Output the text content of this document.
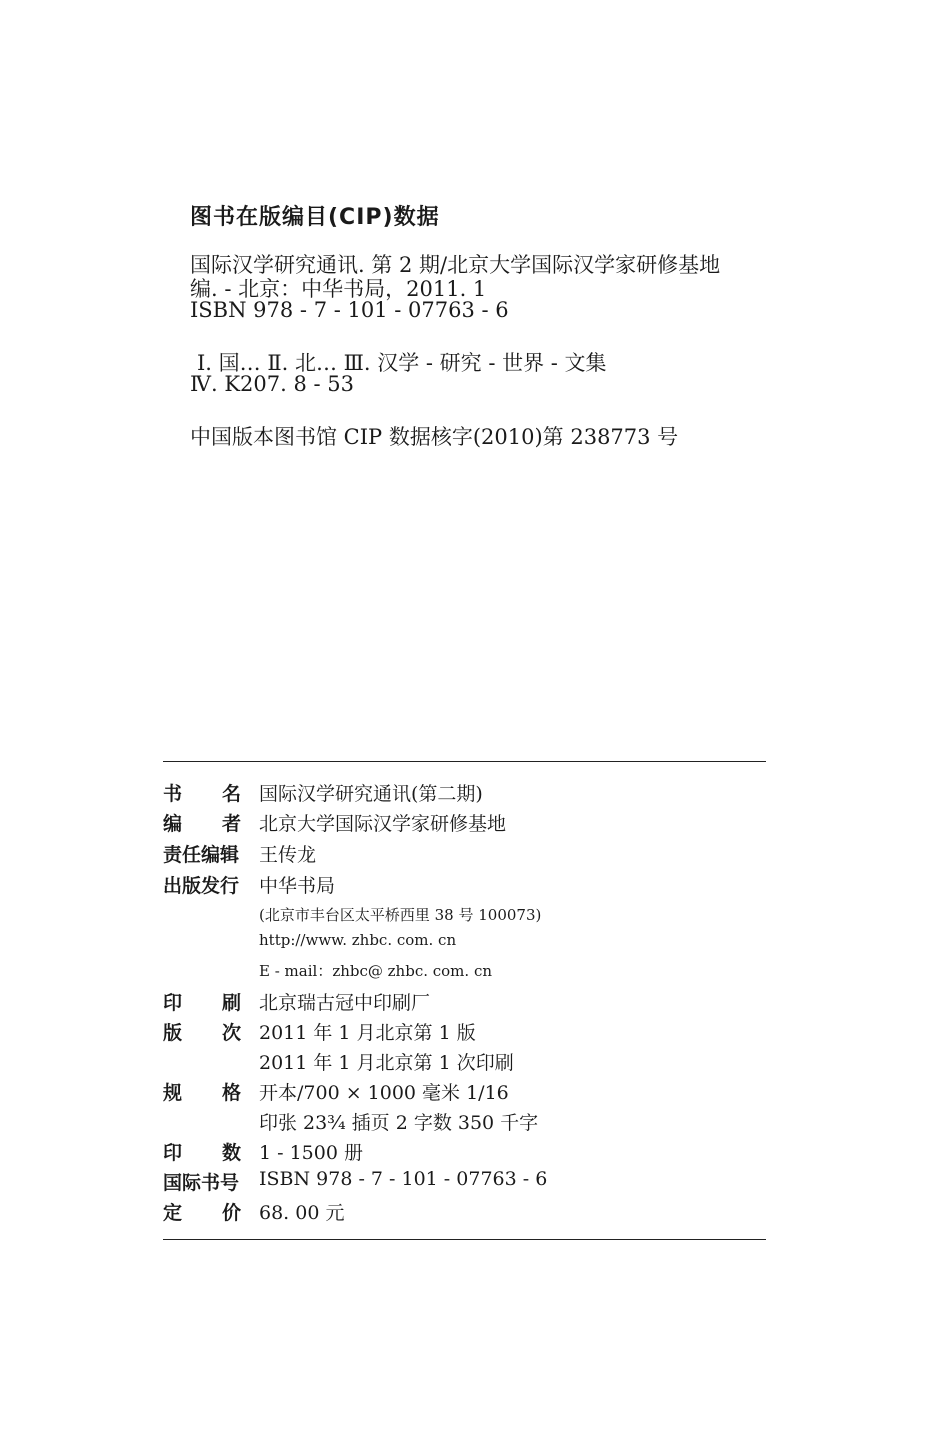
图书在版编目(CIP)数据
国际汉学研究通讯. 第 2 期/北京大学国际汉学家研修基地
编. - 北京：中华书局，2011. 1
ISBN 978 - 7 - 101 - 07763 - 6
Ⅰ. 国… Ⅱ. 北… Ⅲ. 汉学 - 研究 - 世界 - 文集
Ⅳ. K207. 8 - 53
中国版本图书馆 CIP 数据核字(2010)第 238773 号
书 名 国际汉学研究通讯(第二期)
编 者 北京大学国际汉学家研修基地
责任编辑 王传龙
出版发行 中华书局
(北京市丰台区太平桥西里 38 号 100073)
http://www. zhbc. com. cn
E - mail：zhbc@ zhbc. com. cn
印 刷 北京瑞古冠中印刷厂
版 次 2011 年 1 月北京第 1 版
2011 年 1 月北京第 1 次印刷
规 格 开本/700 × 1000 毫米 1/16
印张 23¾ 插页 2 字数 350 千字
印 数 1 - 1500 册
国际书号 ISBN 978 - 7 - 101 - 07763 - 6
定 价 68. 00 元
